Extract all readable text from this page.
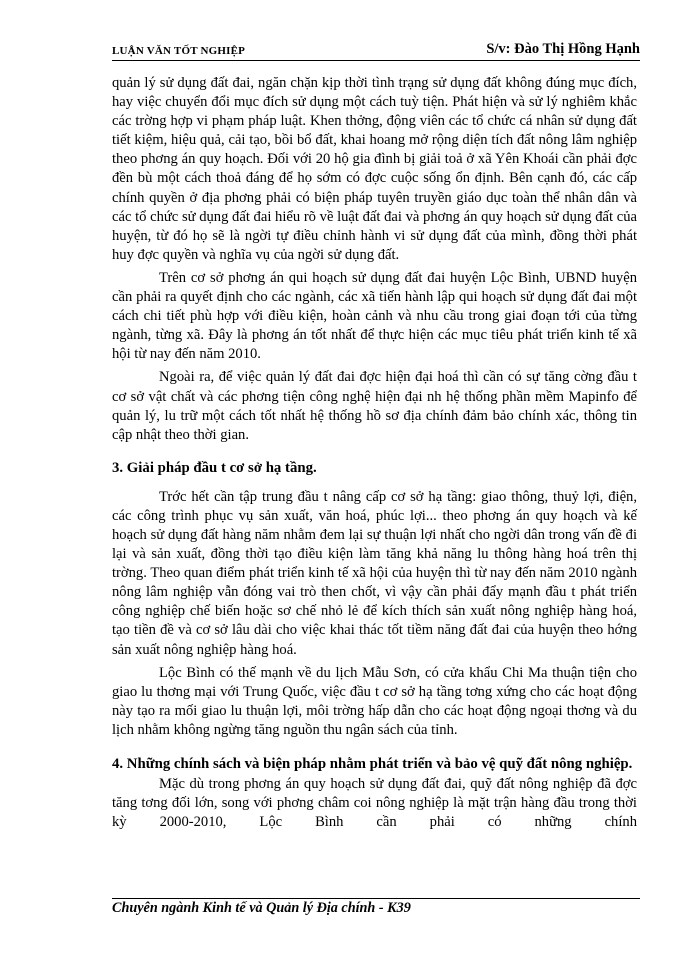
LUẬN VĂN TỐT NGHIỆP	S/v: Đào Thị Hồng Hạnh

quản lý sử dụng đất đai, ngăn chặn kịp thời tình trạng sử dụng đất không đúng mục đích, hay việc chuyển đổi mục đích sử dụng một cách tuỳ tiện. Phát hiện và sử lý nghiêm khắc các trờng hợp vi phạm pháp luật. Khen thởng, động viên các tổ chức cá nhân sử dụng đất tiết kiệm, hiệu quả, cải tạo, bồi bổ đất, khai hoang mở rộng diện tích đất nông lâm nghiệp theo phơng án quy hoạch. Đối với 20 hộ gia đình bị giải toả ở xã Yên Khoái cần phải đợc đền bù một cách thoả đáng để họ sớm có đợc cuộc sống ổn định. Bên cạnh đó, các cấp chính quyền ở địa phơng phải có biện pháp tuyên truyền giáo dục toàn thể nhân dân và các tổ chức sử dụng đất đai hiểu rõ về luật đất đai và phơng án quy hoạch sử dụng đất của huyện, từ đó họ sẽ là ngời tự điều chỉnh hành vi sử dụng đất của mình, đồng thời phát huy đợc quyền và nghĩa vụ của ngời sử dụng đất.

Trên cơ sở phơng án qui hoạch sử dụng đất đai huyện Lộc Bình, UBND huyện cần phải ra quyết định cho các ngành, các xã tiến hành lập qui hoạch sử dụng đất đai một cách chi tiết phù hợp với điều kiện, hoàn cảnh và nhu cầu trong giai đoạn tới của từng ngành, từng xã. Đây là phơng án tốt nhất để thực hiện các mục tiêu phát triển kinh tế xã hội từ nay đến năm 2010.

Ngoài ra, để việc quản lý đất đai đợc hiện đại hoá thì cần có sự tăng cờng đầu t cơ sở vật chất và các phơng tiện công nghệ hiện đại nh hệ thống phần mềm Mapinfo để quản lý, lu trữ một cách tốt nhất hệ thống hồ sơ địa chính đảm bảo chính xác, thông tin cập nhật theo thời gian.

3. Giải pháp đầu t cơ sở hạ tầng.

Trớc hết cần tập trung đầu t nâng cấp cơ sở hạ tầng: giao thông, thuỷ lợi, điện, các công trình phục vụ sản xuất, văn hoá, phúc lợi... theo phơng án quy hoạch và kế hoạch sử dụng đất hàng năm nhằm đem lại sự thuận lợi nhất cho ngời dân trong vấn đề đi lại và sản xuất, đồng thời tạo điều kiện làm tăng khả năng lu thông hàng hoá trên thị trờng. Theo quan điểm phát triển kinh tế xã hội của huyện thì từ nay đến năm 2010 ngành nông lâm nghiệp vẫn đóng vai trò then chốt, vì vậy cần phải đẩy mạnh đầu t phát triển công nghiệp chế biến hoặc sơ chế nhỏ lẻ để kích thích sản xuất nông nghiệp hàng hoá, tạo tiền đề và cơ sở lâu dài cho việc khai thác tốt tiềm năng đất đai của huyện theo hớng sản xuất nông nghiệp hàng hoá.

Lộc Bình có thế mạnh về du lịch Mẫu Sơn, có cửa khẩu Chi Ma thuận tiện cho giao lu thơng mại với Trung Quốc, việc đầu t cơ sở hạ tầng tơng xứng cho các hoạt động này tạo ra mối giao lu thuận lợi, môi trờng hấp dẫn cho các hoạt động ngoại thơng và du lịch nhằm không ngừng tăng nguồn thu ngân sách của tỉnh.

4. Những chính sách và biện pháp nhằm phát triển và bảo vệ quỹ đất nông nghiệp.

Mặc dù trong phơng án quy hoạch sử dụng đất đai, quỹ đất nông nghiệp đã đợc tăng tơng đối lớn, song với phơng châm coi nông nghiệp là mặt trận hàng đầu trong thời kỳ 2000-2010, Lộc Bình cần phải có những chính

Chuyên ngành Kinh tế và Quản lý Địa chính - K39
